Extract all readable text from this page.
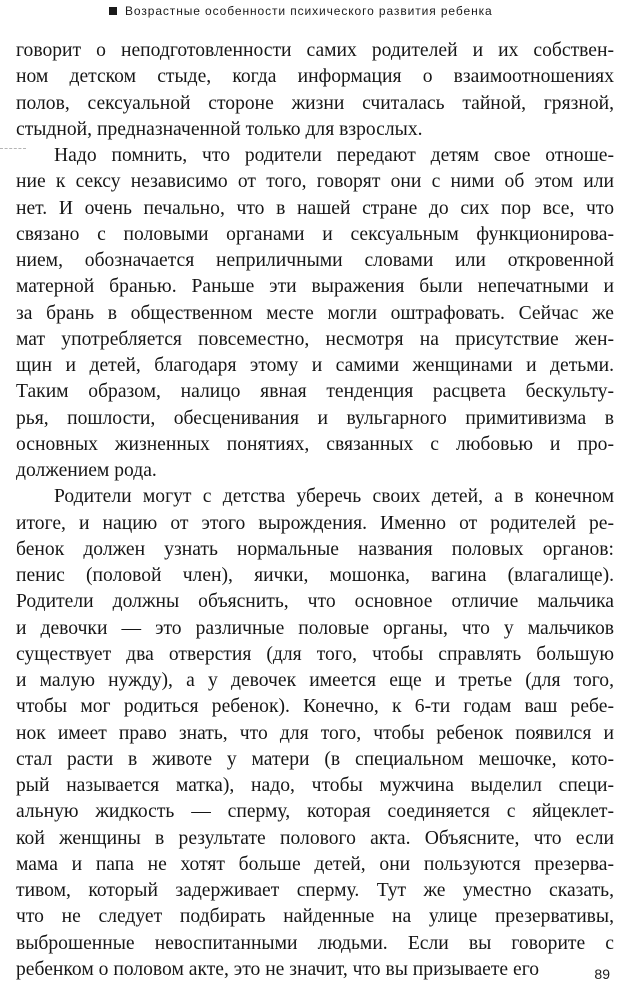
Возрастные особенности психического развития ребенка
говорит о неподготовленности самих родителей и их собствен-
ном детском стыде, когда информация о взаимоотношениях
полов, сексуальной стороне жизни считалась тайной, грязной,
стыдной, предназначенной только для взрослых.
Надо помнить, что родители передают детям свое отноше-
ние к сексу независимо от того, говорят они с ними об этом или
нет. И очень печально, что в нашей стране до сих пор все, что
связано с половыми органами и сексуальным функционирова-
нием, обозначается неприличными словами или откровенной
матерной бранью. Раньше эти выражения были непечатными и
за брань в общественном месте могли оштрафовать. Сейчас же
мат употребляется повсеместно, несмотря на присутствие жен-
щин и детей, благодаря этому и самими женщинами и детьми.
Таким образом, налицо явная тенденция расцвета бескульту-
рья, пошлости, обесценивания и вульгарного примитивизма в
основных жизненных понятиях, связанных с любовью и про-
должением рода.
Родители могут с детства уберечь своих детей, а в конечном
итоге, и нацию от этого вырождения. Именно от родителей ре-
бенок должен узнать нормальные названия половых органов:
пенис (половой член), яички, мошонка, вагина (влагалище).
Родители должны объяснить, что основное отличие мальчика
и девочки — это различные половые органы, что у мальчиков
существует два отверстия (для того, чтобы справлять большую
и малую нужду), а у девочек имеется еще и третье (для того,
чтобы мог родиться ребенок). Конечно, к 6-ти годам ваш ребе-
нок имеет право знать, что для того, чтобы ребенок появился и
стал расти в животе у матери (в специальном мешочке, кото-
рый называется матка), надо, чтобы мужчина выделил специ-
альную жидкость — сперму, которая соединяется с яйцеклет-
кой женщины в результате полового акта. Объясните, что если
мама и папа не хотят больше детей, они пользуются презерва-
тивом, который задерживает сперму. Тут же уместно сказать,
что не следует подбирать найденные на улице презервативы,
выброшенные невоспитанными людьми. Если вы говорите с
ребенком о половом акте, это не значит, что вы призываете его	89
